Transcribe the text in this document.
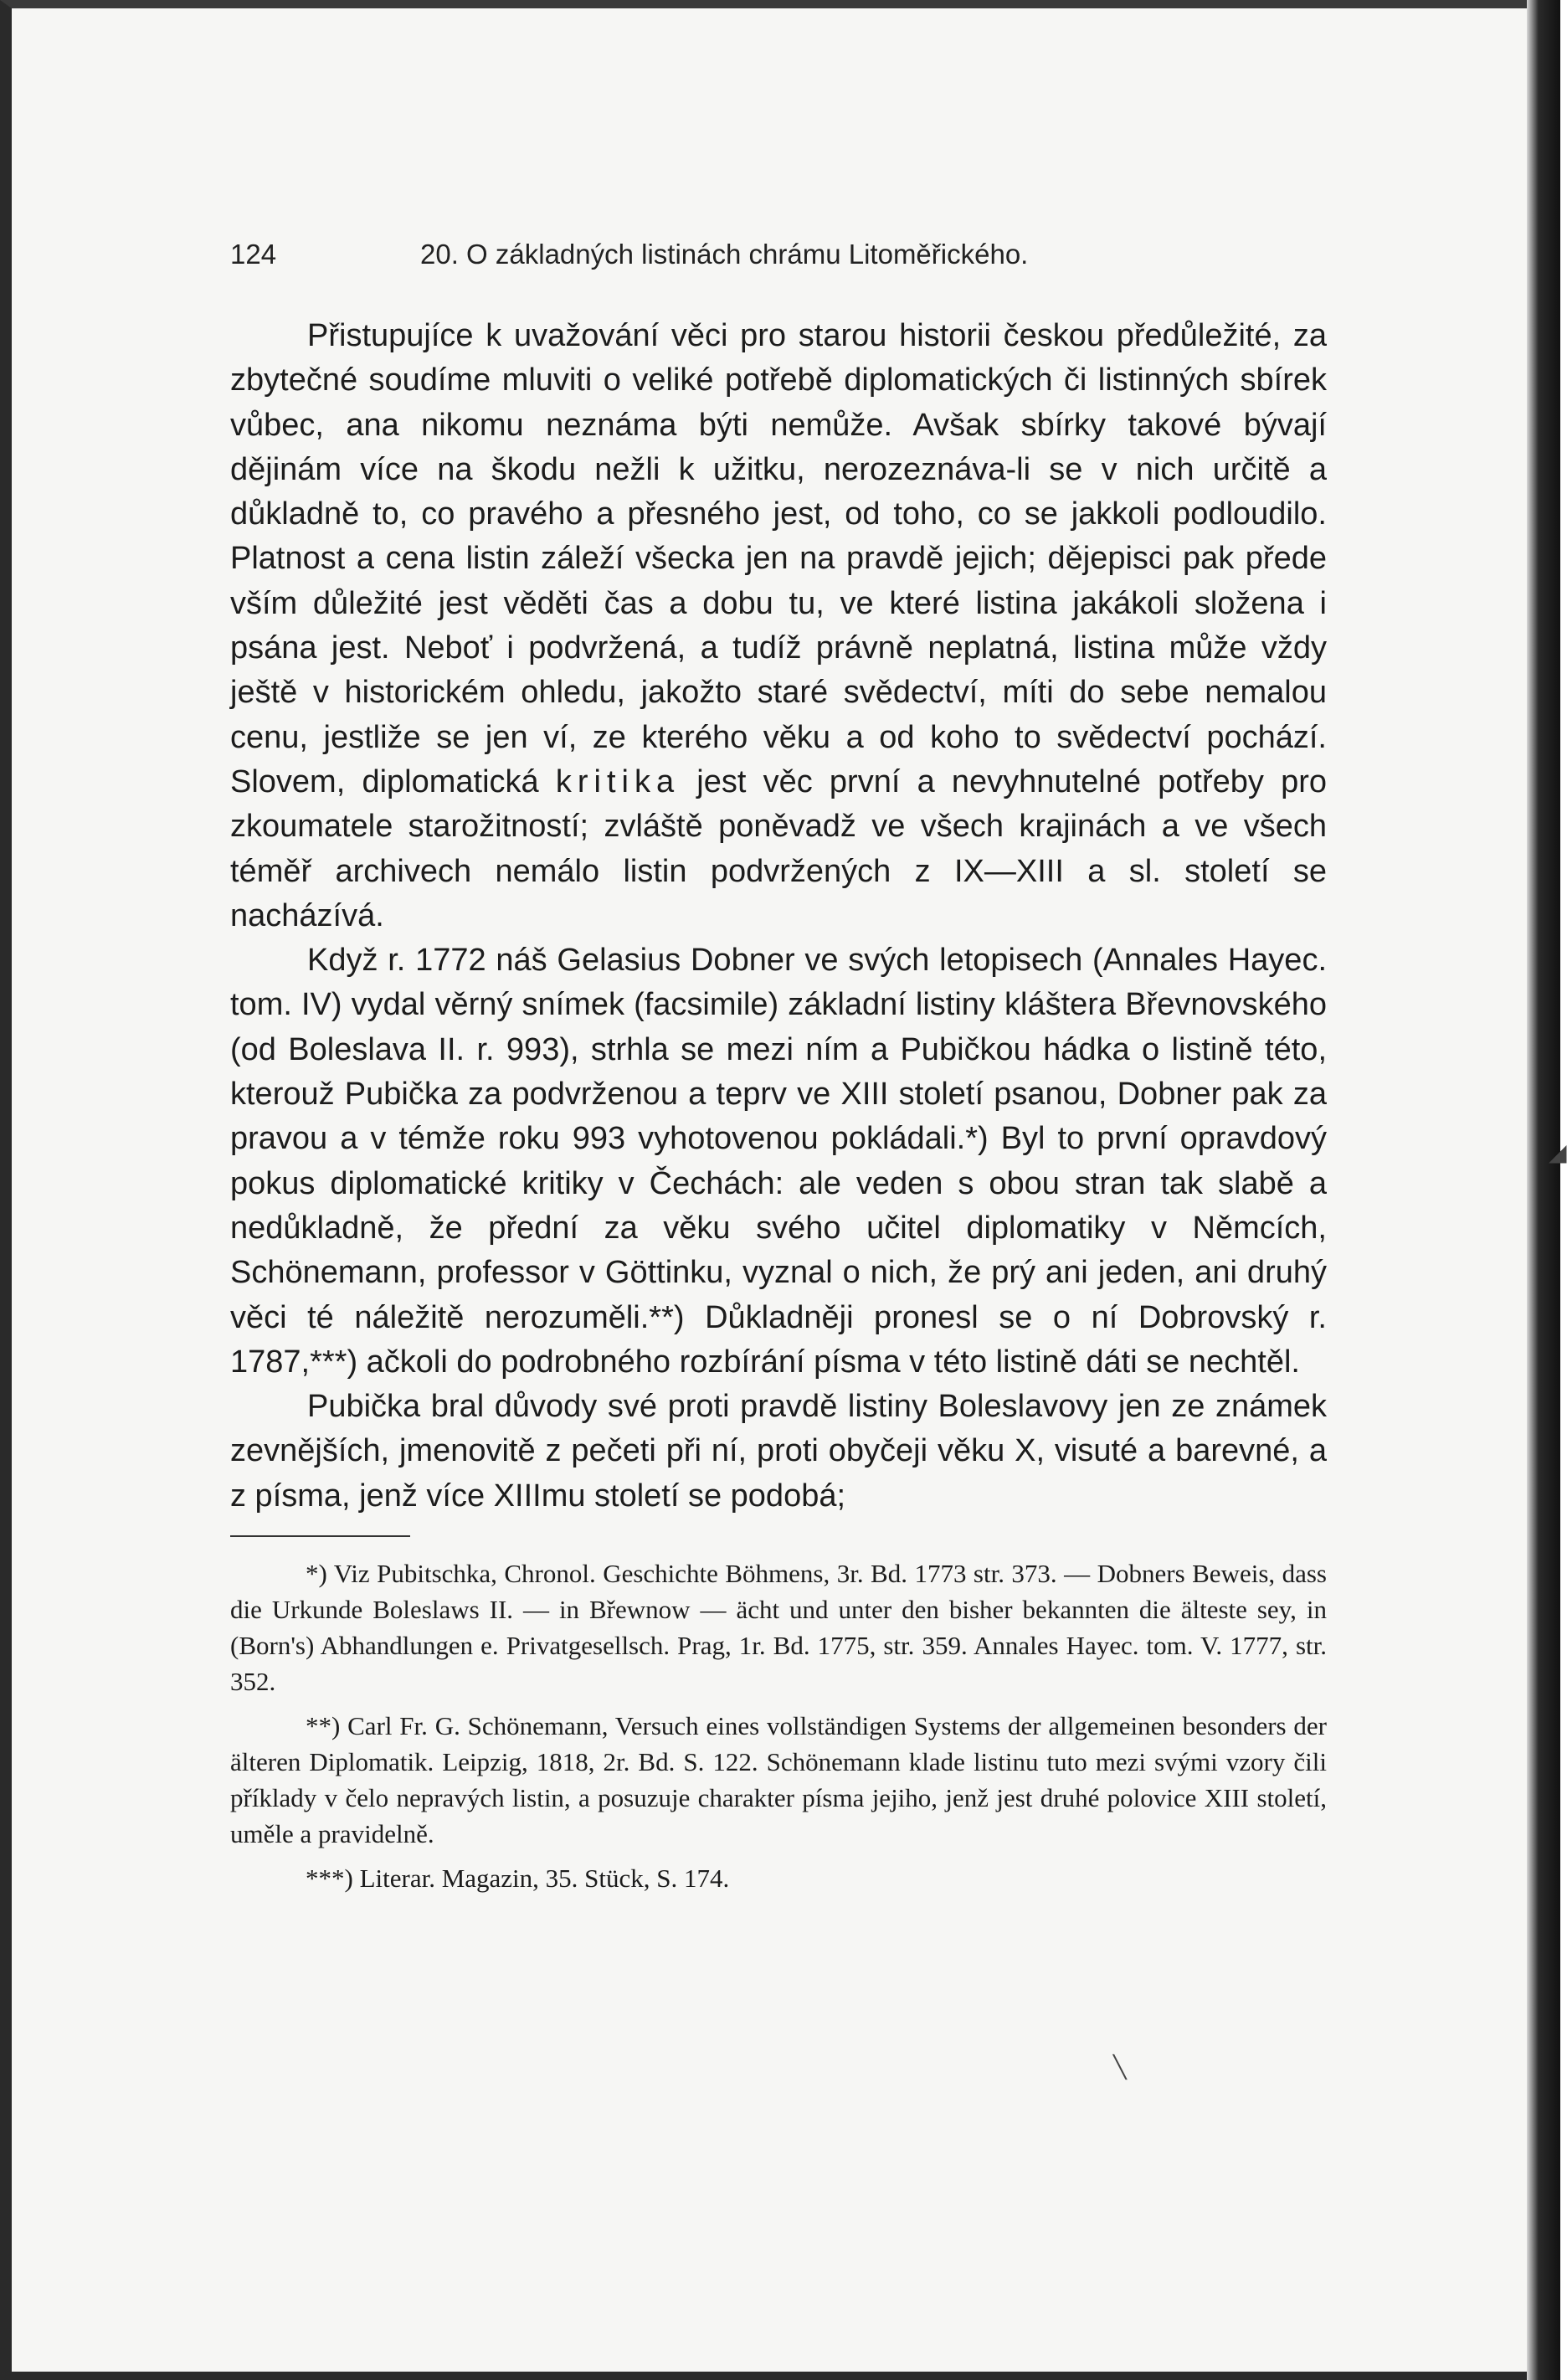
◢
╲
124	20. O základných listinách chrámu Litoměřického.

Přistupujíce k uvažování věci pro starou historii českou předůležité, za zbytečné soudíme mluviti o veliké potřebě diplomatických či listinných sbírek vůbec, ana nikomu neznáma býti nemůže. Avšak sbírky takové bývají dějinám více na škodu nežli k užitku, nerozeznáva-li se v nich určitě a důkladně to, co pravého a přesného jest, od toho, co se jakkoli podloudilo. Platnost a cena listin záleží všecka jen na pravdě jejich; dějepisci pak přede vším důležité jest věděti čas a dobu tu, ve které listina jakákoli složena i psána jest. Neboť i podvržená, a tudíž právně neplatná, listina může vždy ještě v historickém ohledu, jakožto staré svědectví, míti do sebe nemalou cenu, jestliže se jen ví, ze kterého věku a od koho to svědectví pochází. Slovem, diplomatická kritika jest věc první a nevyhnutelné potřeby pro zkoumatele starožitností; zvláště poněvadž ve všech krajinách a ve všech téměř archivech nemálo listin podvržených z IX—XIII a sl. století se nacházívá.

Když r. 1772 náš Gelasius Dobner ve svých letopisech (Annales Hayec. tom. IV) vydal věrný snímek (facsimile) základní listiny kláštera Břevnovského (od Boleslava II. r. 993), strhla se mezi ním a Pubičkou hádka o listině této, kterouž Pubička za podvrženou a teprv ve XIII století psanou, Dobner pak za pravou a v témže roku 993 vyhotovenou pokládali.*) Byl to první opravdový pokus diplomatické kritiky v Čechách: ale veden s obou stran tak slabě a nedůkladně, že přední za věku svého učitel diplomatiky v Němcích, Schönemann, professor v Göttinku, vyznal o nich, že prý ani jeden, ani druhý věci té náležitě nerozuměli.**) Důkladněji pronesl se o ní Dobrovský r. 1787,***) ačkoli do podrobného rozbírání písma v této listině dáti se nechtěl.

Pubička bral důvody své proti pravdě listiny Boleslavovy jen ze známek zevnějších, jmenovitě z pečeti při ní, proti obyčeji věku X, visuté a barevné, a z písma, jenž více XIIImu století se podobá;

*) Viz Pubitschka, Chronol. Geschichte Böhmens, 3r. Bd. 1773 str. 373. — Dobners Beweis, dass die Urkunde Boleslaws II. — in Břewnow — ächt und unter den bisher bekannten die älteste sey, in (Born's) Abhandlungen e. Privatgesellsch. Prag, 1r. Bd. 1775, str. 359. Annales Hayec. tom. V. 1777, str. 352.

**) Carl Fr. G. Schönemann, Versuch eines vollständigen Systems der allgemeinen besonders der älteren Diplomatik. Leipzig, 1818, 2r. Bd. S. 122. Schönemann klade listinu tuto mezi svými vzory čili příklady v čelo nepravých listin, a posuzuje charakter písma jejiho, jenž jest druhé polovice XIII století, uměle a pravidelně.

***) Literar. Magazin, 35. Stück, S. 174.
